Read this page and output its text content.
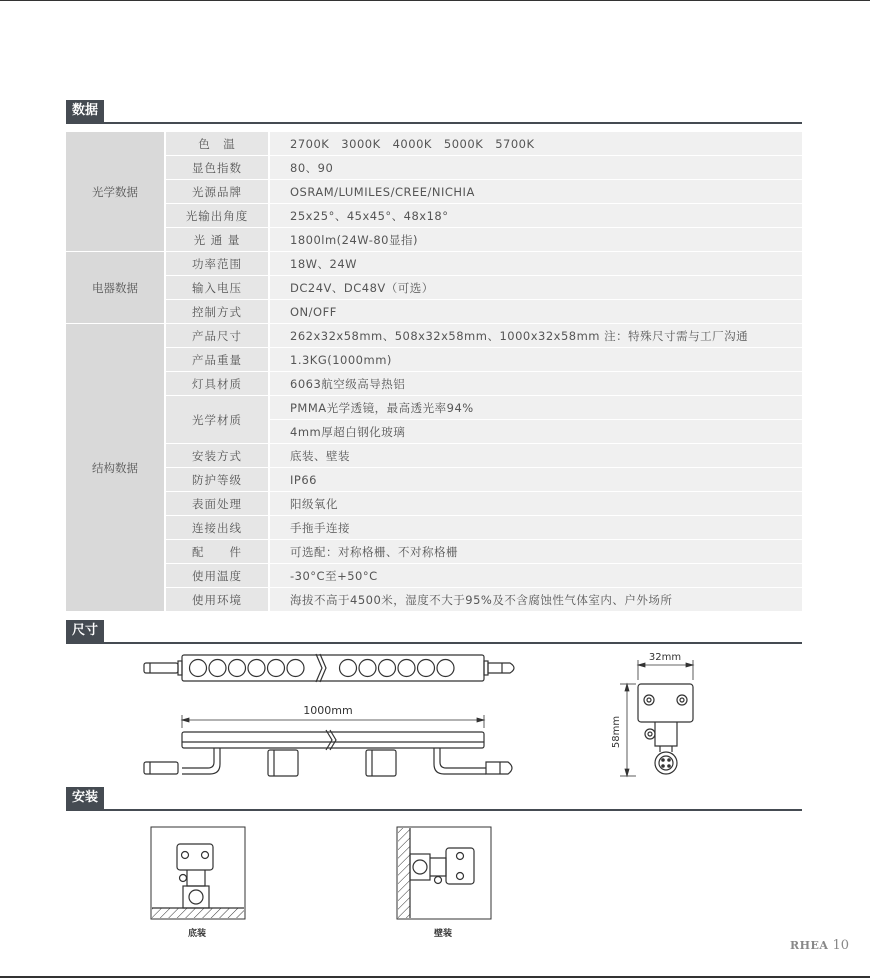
数据
光学数据	色　温	2700K　3000K　4000K　5000K　5700K
	显色指数	80、90
	光源品牌	OSRAM/LUMILES/CREE/NICHIA
	光输出角度	25x25°、45x45°、48x18°
	光 通 量	1800lm(24W-80显指)
电器数据	功率范围	18W、24W
	输入电压	DC24V、DC48V（可选）
	控制方式	ON/OFF
结构数据	产品尺寸	262x32x58mm、508x32x58mm、1000x32x58mm 注：特殊尺寸需与工厂沟通
	产品重量	1.3KG(1000mm)
	灯具材质	6063航空级高导热铝
	光学材质	PMMA光学透镜，最高透光率94%
		4mm厚超白钢化玻璃
	安装方式	底装、壁装
	防护等级	IP66
	表面处理	阳级氧化
	连接出线	手拖手连接
	配　　件	可选配：对称格栅、不对称格栅
	使用温度	-30°C至+50°C
	使用环境	海拔不高于4500米，湿度不大于95%及不含腐蚀性气体室内、户外场所
尺寸
1000mm
32mm
58mm
安装
底装	壁装
RHEA 10
